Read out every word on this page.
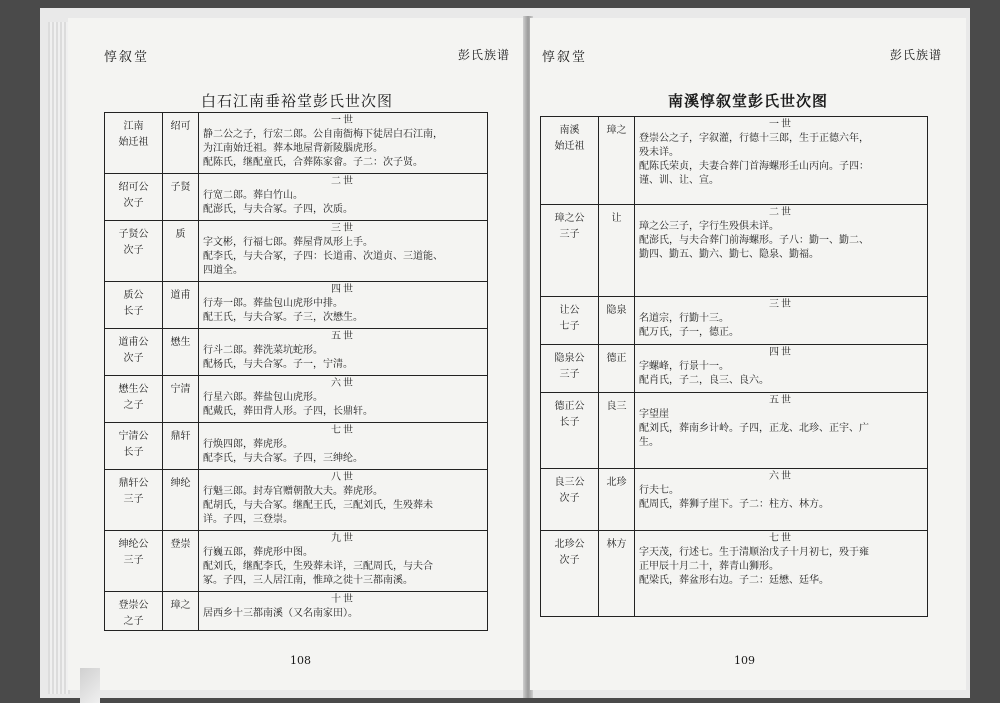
惇叙堂	彭氏族谱
白石江南垂裕堂彭氏世次图
江南
始迁祖	绍可	一世
静二公之子，行宏二郎。公自南衙梅下徒居白石江南，
为江南始迁祖。葬本地屋背新陵腦虎形。
配陈氏，继配童氏，合葬陈家畲。子二：次子贤。

绍可公
次子	子贤	二世
行宽二郎。葬白竹山。
配澎氏，与夫合冢。子四，次质。

子贤公
次子	质	三世
字文彬，行福七郎。葬屋背凤形上手。
配李氏，与夫合冢，子四：长道甫、次道贞、三道能、
四道全。

质公
长子	道甫	四世
行寿一郎。葬盐包山虎形中排。
配王氏，与夫合冢。子三，次懋生。

道甫公
次子	懋生	五世
行斗二郎。葬洗菜坑蛇形。
配杨氏，与夫合冢。子一，宁清。

懋生公
之子	宁清	六世
行星六郎。葬盐包山虎形。
配戴氏，葬田背人形。子四，长鼎轩。

宁清公
长子	鼎轩	七世
行焕四郎，葬虎形。
配李氏，与夫合冢。子四，三绅纶。

鼎轩公
三子	绅纶	八世
行魁三郎。封寿官赠朝散大夫。葬虎形。
配胡氏，与夫合冢。继配王氏，三配刘氏，生殁葬未
详。子四，三登崇。

绅纶公
三子	登崇	九世
行巍五郎，葬虎形中图。
配刘氏，继配李氏，生殁葬未详，三配周氏，与夫合
冢。子四，三人居江南，惟璋之徙十三都南溪。

登崇公
之子	璋之	十世
居西乡十三都南溪（又名南家田）。
108
惇叙堂	彭氏族谱
南溪惇叙堂彭氏世次图
南溪
始迁祖	璋之	一世
登崇公之子，字叙灌，行德十三郎，生于正德六年，
殁未详。
配陈氏荣贞，夫妻合葬门首海螺形壬山丙向。子四：
谨、训、让、宣。

璋之公
三子	让	二世
璋之公三子，字行生殁俱未详。
配澎氏，与夫合葬门前海螺形。子八：勤一、勤二、
勤四、勤五、勤六、勤七、隐泉、勤福。

让公
七子	隐泉	三世
名道宗，行勤十三。
配万氏，子一，德正。

隐泉公
三子	德正	四世
字螺峰，行景十一。
配肖氏，子二，良三、良六。

德正公
长子	良三	五世
字望崖
配刘氏，葬南乡计岭。子四，正龙、北珍、正宇、广
生。

良三公
次子	北珍	六世
行夫七。
配周氏，葬狮子崖下。子二：柱方、林方。

北珍公
次子	林方	七世
字天茂，行述七。生于清顺治戊子十月初七，殁于雍
正甲辰十月二十，葬青山狮形。
配梁氏，葬盆形右边。子二：廷懋、廷华。
109
